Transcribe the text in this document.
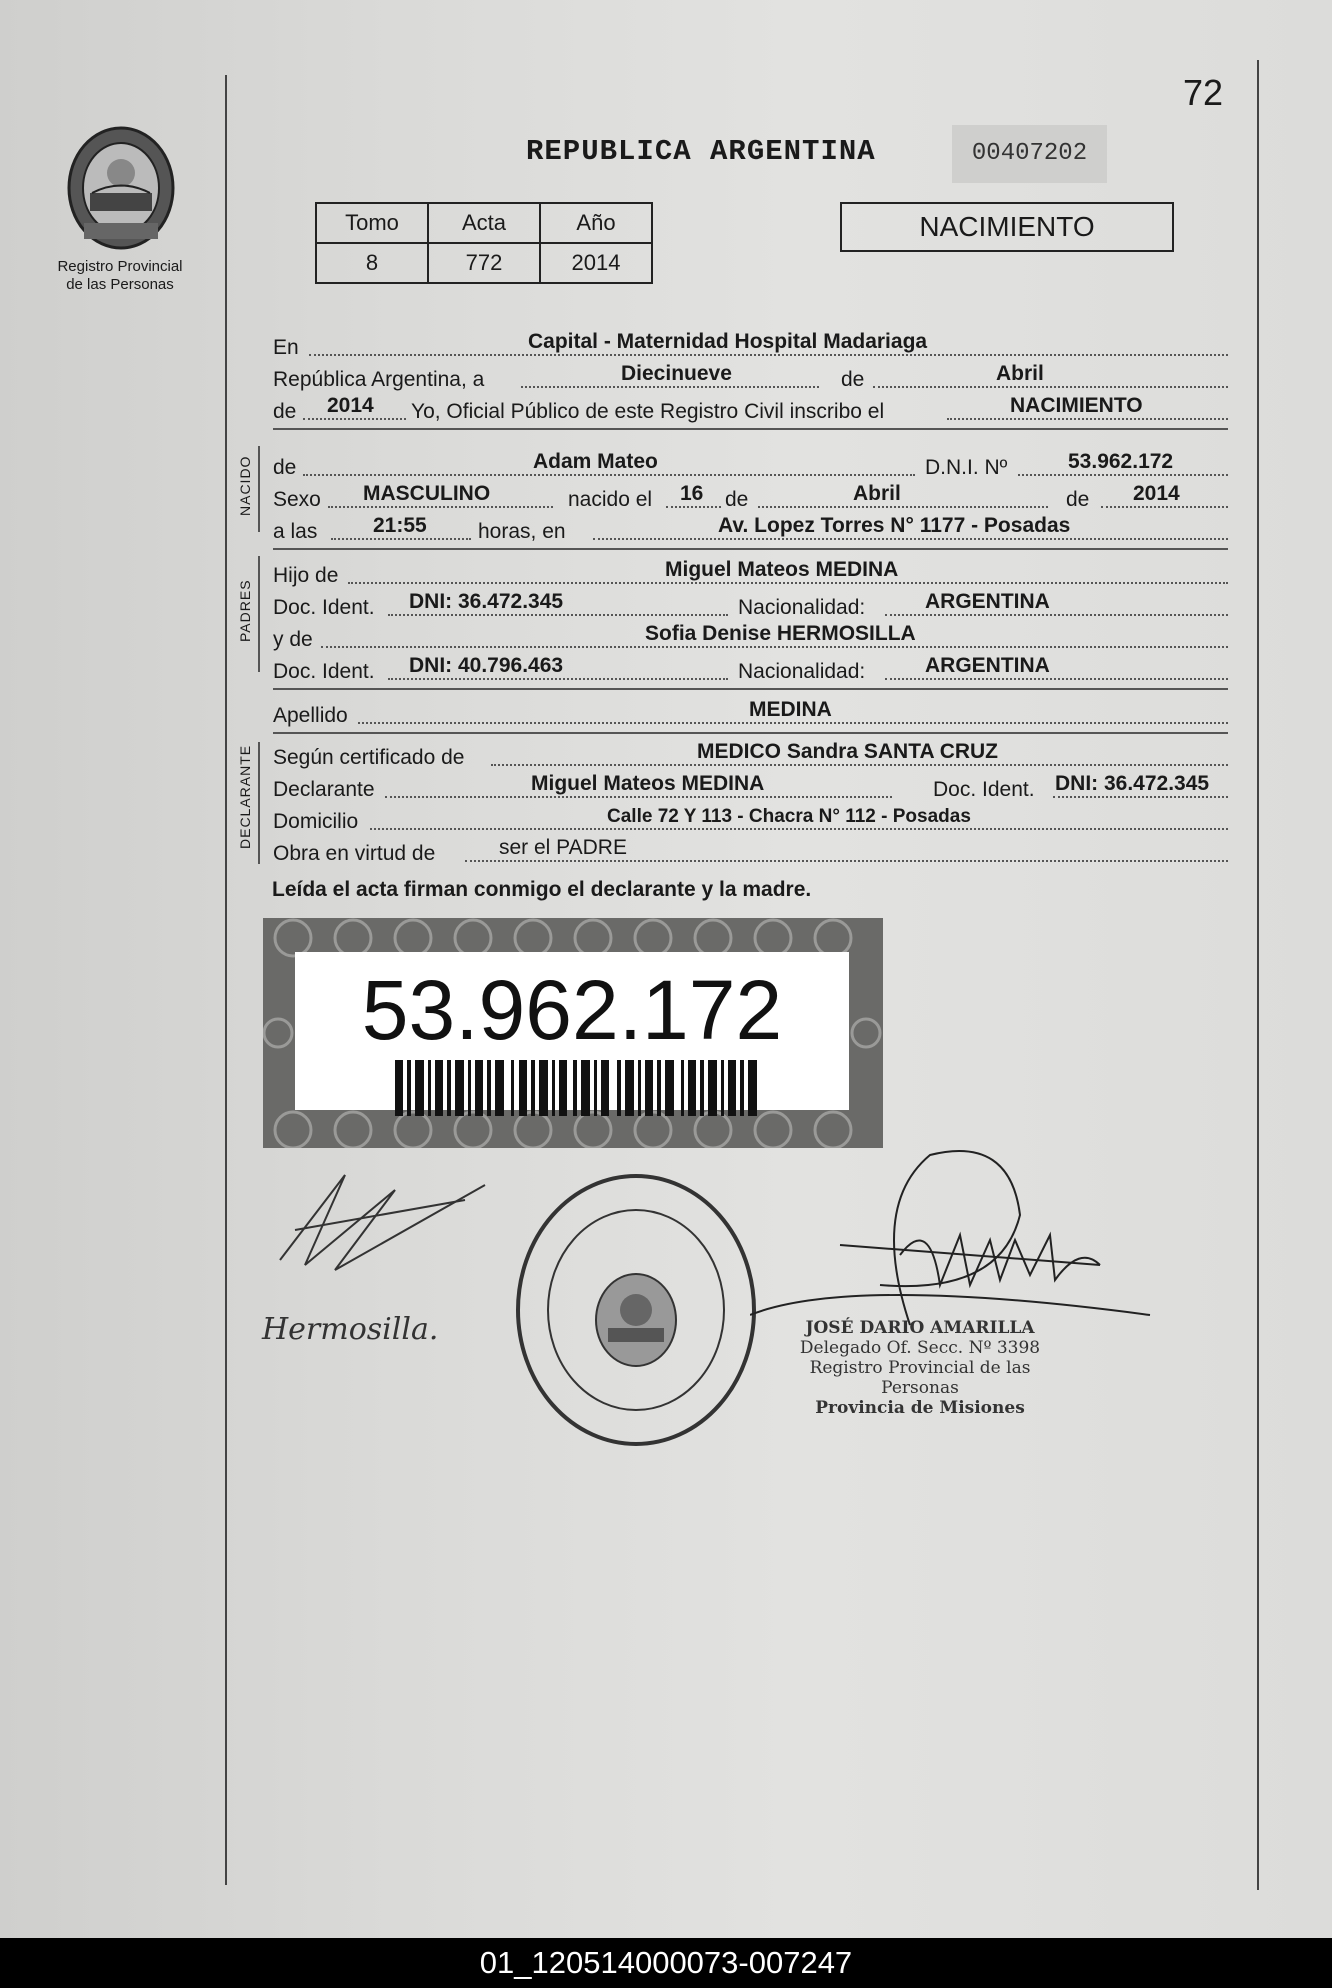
72
Registro Provincial
de las Personas
REPUBLICA ARGENTINA	00407202
Tomo	Acta	Año
8	772	2014
NACIMIENTO
En	Capital - Maternidad Hospital Madariaga
República Argentina, a	Diecinueve	de	Abril
de 2014 Yo, Oficial Público de este Registro Civil inscribo el	NACIMIENTO
NACIDO de	Adam Mateo	D.N.I. Nº	53.962.172
Sexo MASCULINO	nacido el 16 de	Abril	de 2014
a las	21:55 horas, en	Av. Lopez Torres N° 1177 - Posadas
PADRES
Hijo de	Miguel Mateos MEDINA
Doc. Ident. DNI: 36.472.345	Nacionalidad:	ARGENTINA
y de	Sofia Denise HERMOSILLA
Doc. Ident. DNI: 40.796.463	Nacionalidad:	ARGENTINA
Apellido	MEDINA
DECLARANTE Según certificado de	MEDICO Sandra SANTA CRUZ
Declarante	Miguel Mateos MEDINA	Doc. Ident. DNI: 36.472.345
Domicilio	Calle 72 Y 113 - Chacra N° 112 - Posadas
Obra en virtud de	ser el PADRE
Leída el acta firman conmigo el declarante y la madre.
53.962.172
Hermosilla.	JOSÉ DARIO AMARILLA
Delegado Of. Secc. Nº 3398
Registro Provincial de las Personas
Provincia de Misiones
01_120514000073-007247
